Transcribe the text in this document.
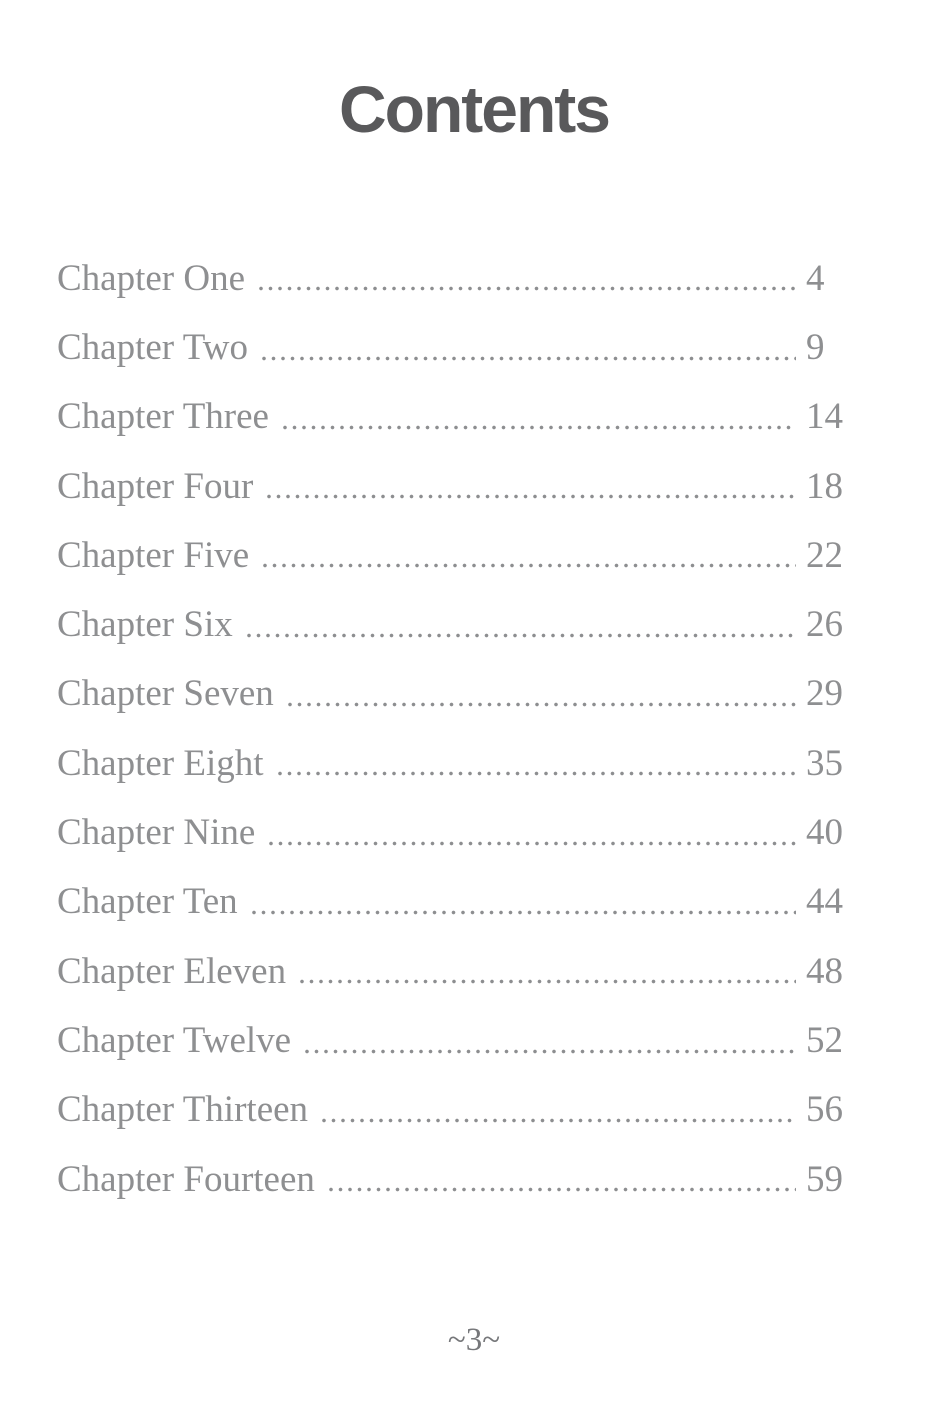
Contents
Chapter One	4
Chapter Two	9
Chapter Three	14
Chapter Four	18
Chapter Five	22
Chapter Six	26
Chapter Seven	29
Chapter Eight	35
Chapter Nine	40
Chapter Ten	44
Chapter Eleven	48
Chapter Twelve	52
Chapter Thirteen	56
Chapter Fourteen	59
~3~
